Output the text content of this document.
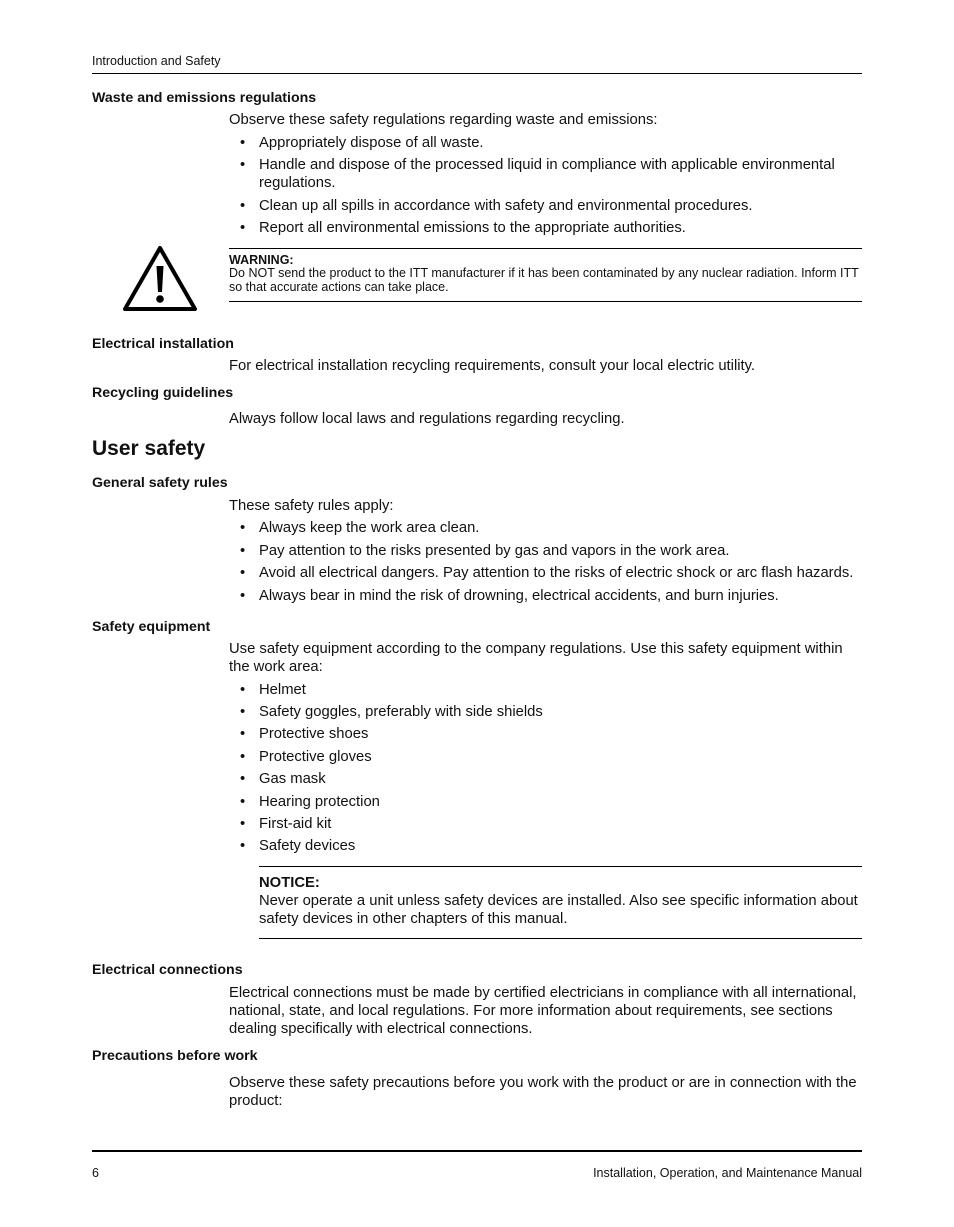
Introduction and Safety
Waste and emissions regulations
Observe these safety regulations regarding waste and emissions:
• Appropriately dispose of all waste.
• Handle and dispose of the processed liquid in compliance with applicable environmental regulations.
• Clean up all spills in accordance with safety and environmental procedures.
• Report all environmental emissions to the appropriate authorities.
WARNING:
Do NOT send the product to the ITT manufacturer if it has been contaminated by any nuclear radiation. Inform ITT so that accurate actions can take place.
Electrical installation
For electrical installation recycling requirements, consult your local electric utility.
Recycling guidelines
Always follow local laws and regulations regarding recycling.
User safety
General safety rules
These safety rules apply:
• Always keep the work area clean.
• Pay attention to the risks presented by gas and vapors in the work area.
• Avoid all electrical dangers. Pay attention to the risks of electric shock or arc flash hazards.
• Always bear in mind the risk of drowning, electrical accidents, and burn injuries.
Safety equipment
Use safety equipment according to the company regulations. Use this safety equipment within the work area:
• Helmet
• Safety goggles, preferably with side shields
• Protective shoes
• Protective gloves
• Gas mask
• Hearing protection
• First-aid kit
• Safety devices
NOTICE:
Never operate a unit unless safety devices are installed. Also see specific information about safety devices in other chapters of this manual.
Electrical connections
Electrical connections must be made by certified electricians in compliance with all international, national, state, and local regulations. For more information about requirements, see sections dealing specifically with electrical connections.
Precautions before work
Observe these safety precautions before you work with the product or are in connection with the product:
6	Installation, Operation, and Maintenance Manual
